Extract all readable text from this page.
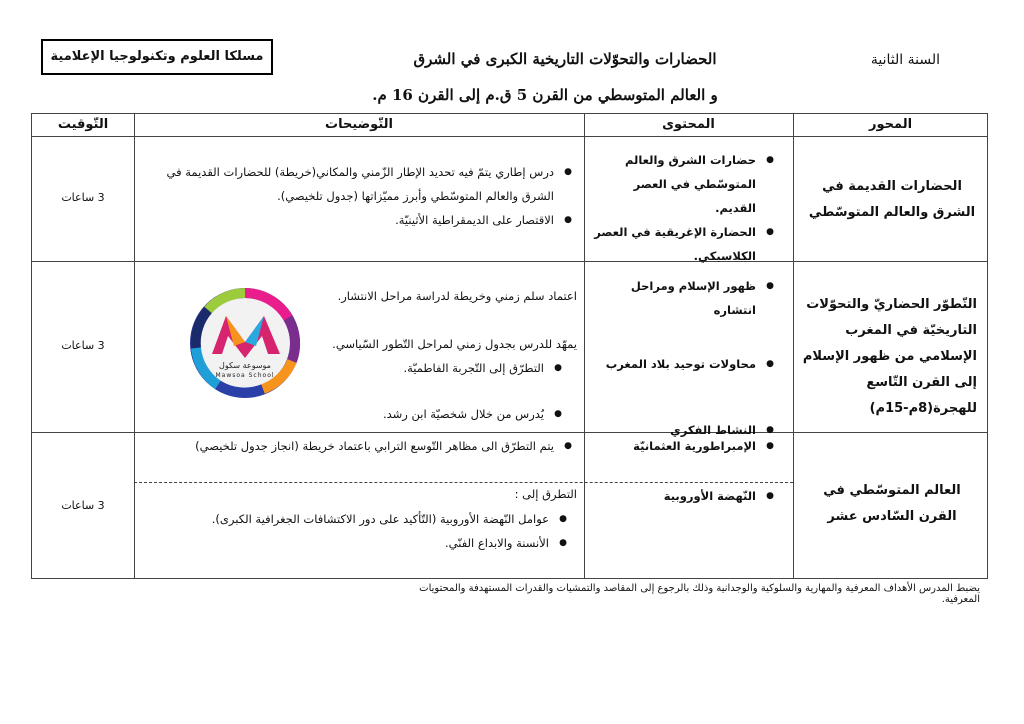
مسلكا العلوم وتكنولوجيا الإعلامية	السنة الثانية
الحضارات والتحوّلات التاريخية الكبرى في الشرق
و العالم المتوسطي من القرن 5 ق.م إلى القرن 16 م.
المحور
المحتوى
التّوضيحات
التّوقيت
الحضارات القديمة في الشرق والعالم المتوسّطي
● حضارات الشرق والعالم المتوسّطي في العصر القديم.
● الحضارة الإغريقية في العصر الكلاسيكي.
● درس إطاري يتمّ فيه تحديد الإطار الزّمني والمكاني(خريطة) للحضارات القديمة في الشرق والعالم المتوسّطي وأبرز مميّزاتها (جدول تلخيصي).
● الاقتصار على الديمقراطية الأثينيّة.
3 ساعات
التّطوّر الحضاريّ والتحوّلات التاريخيّة في المغرب الإسلامي من ظهور الإسلام إلى القرن التّاسع للهجرة(8م-15م)
● ظهور الإسلام ومراحل انتشاره
● محاولات توحيد بلاد المغرب
● النشاط الفكري
اعتماد سلم زمني وخريطة لدراسة مراحل الانتشار.
يمهّد للدرس بجدول زمني لمراحل التّطور السّياسي.
● التطرّق إلى التّجربة الفاطميّة.
● يُدرس من خلال شخصيّة ابن رشد.
موسوعة سكول
Mawsoa School
3 ساعات
العالم المتوسّطي في القرن السّادس عشر
● الإمبراطورية العثمانيّة
● النّهضة الأوروبية
● يتم التطرّق الى مظاهر التّوسع الترابي باعتماد خريطة (انجاز جدول تلخيصي)
التطرق إلى :
● عوامل النّهضة الأوروبية (التّأكيد على دور الاكتشافات الجغرافية الكبرى).
● الأنسنة والابداع الفنّي.
3 ساعات
يضبط المدرس الأهداف المعرفية والمهارية والسلوكية والوجدانية وذلك بالرجوع إلى المقاصد والتمشيات والقدرات المستهدفة والمحتويات المعرفية.
